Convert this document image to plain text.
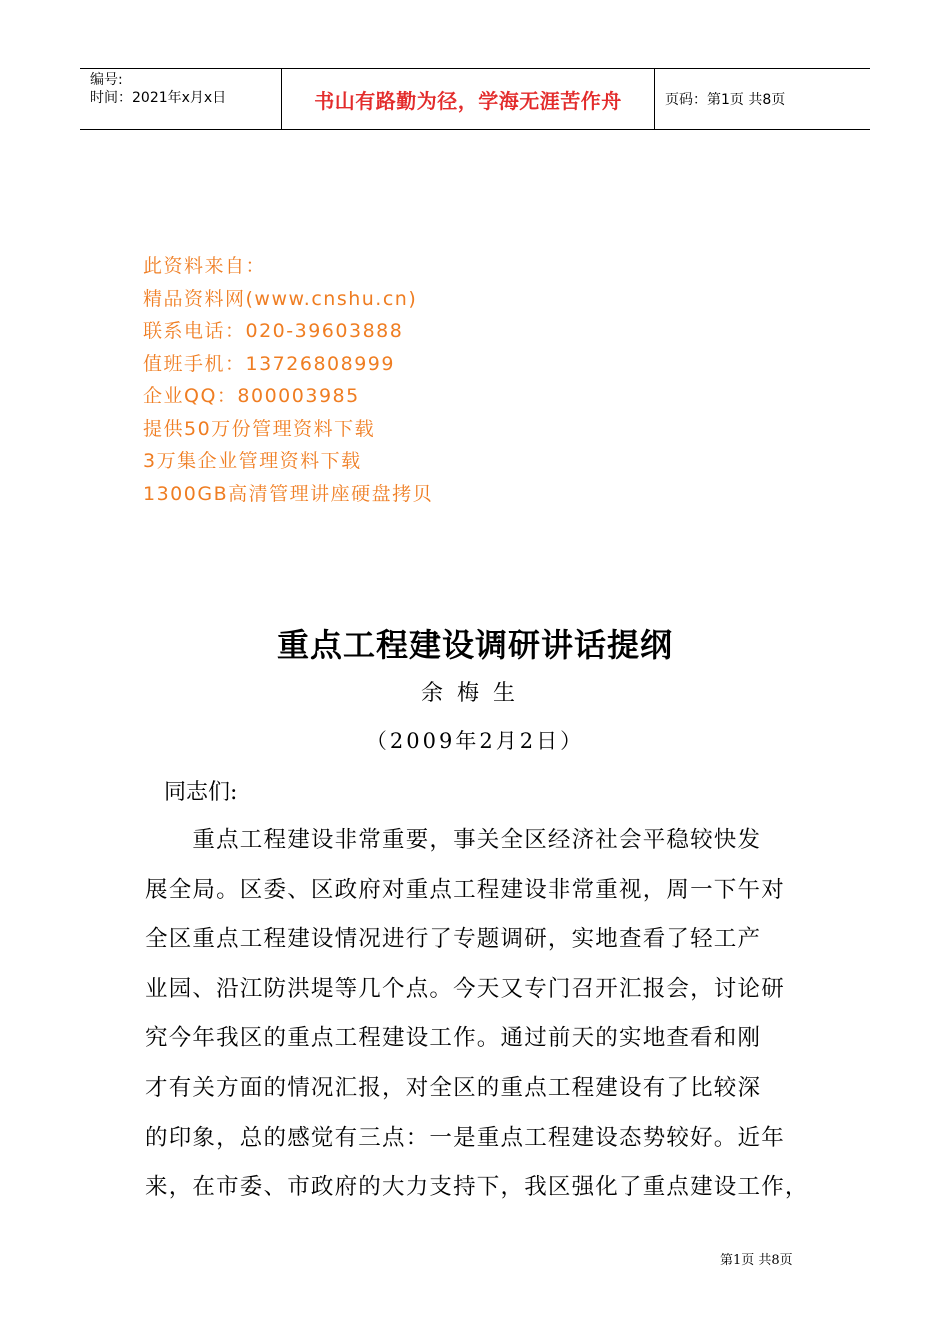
编号:
时间：2021年x月x日	书山有路勤为径，学海无涯苦作舟	页码：第1页 共8页
此资料来自：
精品资料网(www.cnshu.cn)
联系电话：020-39603888
值班手机：13726808999
企业QQ：800003985
提供50万份管理资料下载
3万集企业管理资料下载
1300GB高清管理讲座硬盘拷贝
重点工程建设调研讲话提纲
余梅生
（2009年2月2日）
同志们:
　　重点工程建设非常重要，事关全区经济社会平稳较快发
展全局。区委、区政府对重点工程建设非常重视，周一下午对
全区重点工程建设情况进行了专题调研，实地查看了轻工产
业园、沿江防洪堤等几个点。今天又专门召开汇报会，讨论研
究今年我区的重点工程建设工作。通过前天的实地查看和刚
才有关方面的情况汇报，对全区的重点工程建设有了比较深
的印象，总的感觉有三点：一是重点工程建设态势较好。近年
来，在市委、市政府的大力支持下，我区强化了重点建设工作，
第1页 共8页
